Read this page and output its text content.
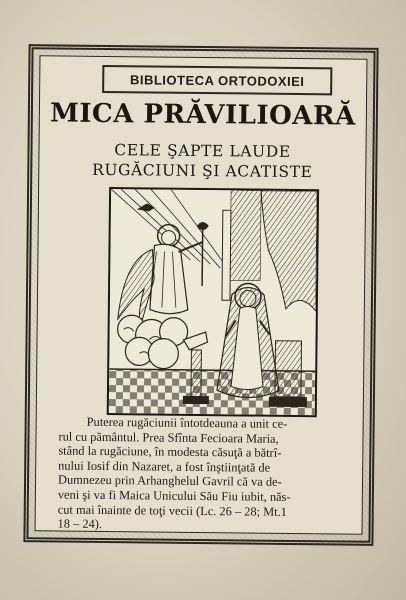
BIBLIOTECA ORTODOXIEI
MICA PRĂVILIOARĂ
CELE ŞAPTE LAUDE
RUGĂCIUNI ŞI ACATISTE
Puterea rugăciunii întotdeauna a unit ce-
rul cu pământul. Prea Sfînta Fecioara Maria,
stând la rugăciune, în modesta căsuţă a bătrî-
nului Iosif din Nazaret, a fost înştiinţată de
Dumnezeu prin Arhanghelul Gavril că va de-
veni şi va fi Maica Unicului Său Fiu iubit, năs-
cut mai înainte de toţi vecii (Lc. 26 – 28; Mt.1
18 – 24).
